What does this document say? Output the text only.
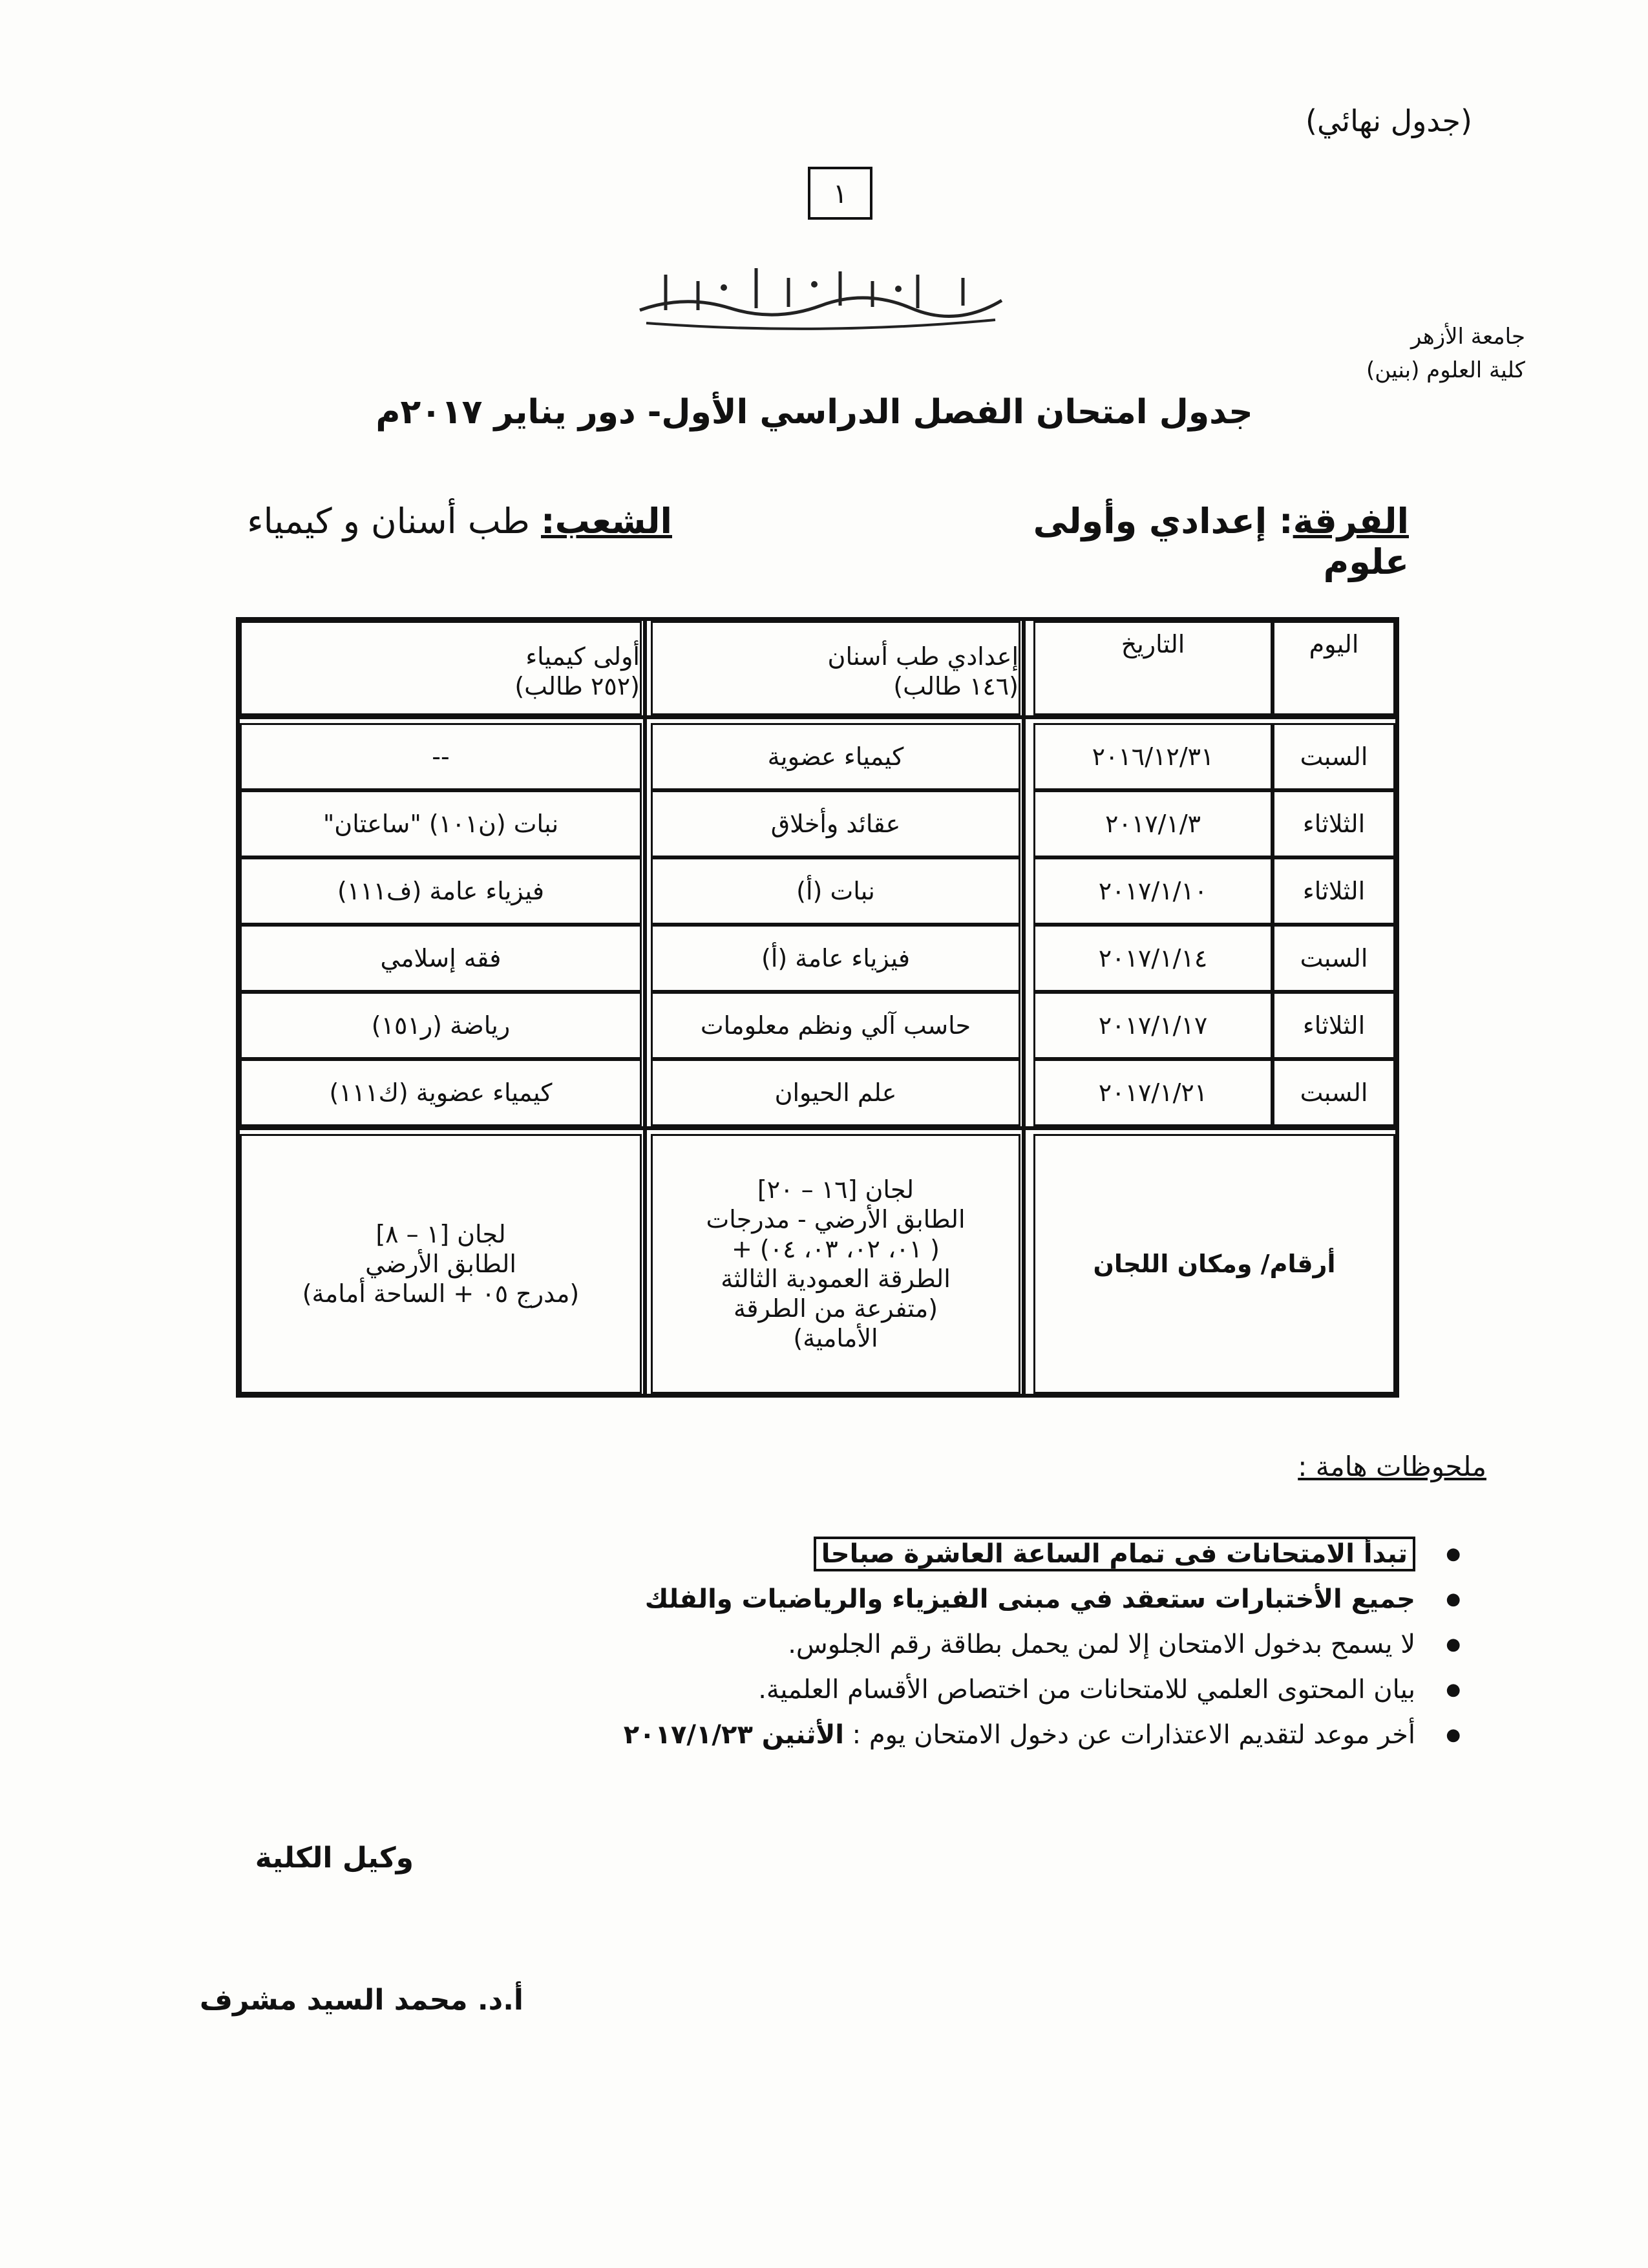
(جدول نهائي)
١
جامعة الأزهر
كلية العلوم (بنين)
جدول امتحان الفصل الدراسي الأول- دور يناير ٢٠١٧م
الفرقة: إعدادي وأولى علوم
الشعب: طب أسنان و كيمياء
اليوم
التاريخ
إعدادي طب أسنان
(١٤٦ طالب)
أولى كيمياء
(٢٥٢ طالب)
السبت
٢٠١٦/١٢/٣١
كيمياء عضوية
--
الثلاثاء
٢٠١٧/١/٣
عقائد وأخلاق
نبات (ن١٠١) "ساعتان"
الثلاثاء
٢٠١٧/١/١٠
نبات (أ)
فيزياء عامة (ف١١١)
السبت
٢٠١٧/١/١٤
فيزياء عامة (أ)
فقه إسلامي
الثلاثاء
٢٠١٧/١/١٧
حاسب آلي ونظم معلومات
رياضة (ر١٥١)
السبت
٢٠١٧/١/٢١
علم الحيوان
كيمياء عضوية (ك١١١)
أرقام/ ومكان اللجان
لجان [١٦ – ٢٠]
الطابق الأرضي - مدرجات
( ٠١، ٠٢، ٠٣، ٠٤) +
الطرقة العمودية الثالثة
(متفرعة من الطرقة
الأمامية)
لجان [١ – ٨]
الطابق الأرضي
(مدرج ٠٥ + الساحة أمامة)
ملحوظات هامة :
● تبدأ الامتحانات فى تمام الساعة العاشرة صباحا
● جميع الأختبارات ستعقد في مبنى الفيزياء والرياضيات والفلك
● لا يسمح بدخول الامتحان إلا لمن يحمل بطاقة رقم الجلوس.
● بيان المحتوى العلمي للامتحانات من اختصاص الأقسام العلمية.
● أخر موعد لتقديم الاعتذارات عن دخول الامتحان يوم : الأثنين ٢٠١٧/١/٢٣
وكيل الكلية
أ.د. محمد السيد مشرف
